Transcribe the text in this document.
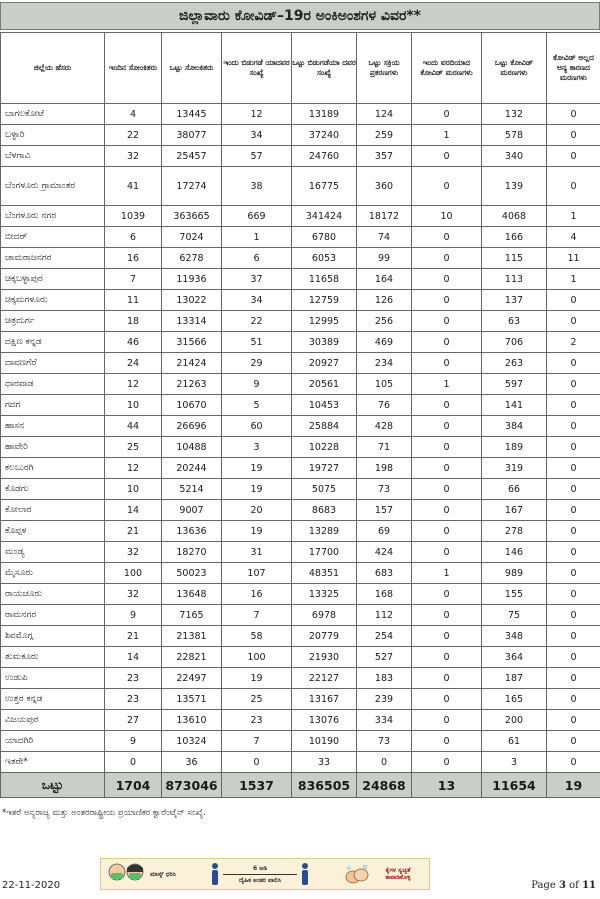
ಜಿಲ್ಲಾವಾರು ಕೋವಿಡ್–19ರ ಅಂಕಿಅಂಶಗಳ ವಿವರ**
ಜಿಲ್ಲೆಯ ಹೆಸರು	ಇಂದಿನ ಸೋಂಕಿತರು	ಒಟ್ಟು ಸೋಂಕಿತರು	ಇಂದು ಬಿಡುಗಡೆ ಯಾದವರ ಸಂಖ್ಯೆ	ಒಟ್ಟು ಬಿಡುಗಡೆಯಾ ದವರ ಸಂಖ್ಯೆ	ಒಟ್ಟು ಸಕ್ರಿಯ ಪ್ರಕರಣಗಳು	ಇಂದು ವರದಿಯಾದ ಕೋವಿಡ್ ಮರಣಗಳು	ಒಟ್ಟು ಕೋವಿಡ್ ಮರಣಗಳು	ಕೋವಿಡ್ ಅಲ್ಲದ ಅನ್ಯ ಕಾರಣದ ಮರಣಗಳು
ಬಾಗಲಕೋಟೆ	4	13445	12	13189	124	0	132	0
ಬಳ್ಳಾರಿ	22	38077	34	37240	259	1	578	0
ಬೆಳಗಾವಿ	32	25457	57	24760	357	0	340	0
ಬೆಂಗಳೂರು ಗ್ರಾಮಾಂತರ	41	17274	38	16775	360	0	139	0
ಬೆಂಗಳೂರು ನಗರ	1039	363665	669	341424	18172	10	4068	1
ಬೀದರ್	6	7024	1	6780	74	0	166	4
ಚಾಮರಾಜನಗರ	16	6278	6	6053	99	0	115	11
ಚಿಕ್ಕಬಳ್ಳಾಪುರ	7	11936	37	11658	164	0	113	1
ಚಿಕ್ಕಮಗಳೂರು	11	13022	34	12759	126	0	137	0
ಚಿತ್ರದುರ್ಗ	18	13314	22	12995	256	0	63	0
ದಕ್ಷಿಣ ಕನ್ನಡ	46	31566	51	30389	469	0	706	2
ದಾವಣಗೆರೆ	24	21424	29	20927	234	0	263	0
ಧಾರವಾಡ	12	21263	9	20561	105	1	597	0
ಗದಗ	10	10670	5	10453	76	0	141	0
ಹಾಸನ	44	26696	60	25884	428	0	384	0
ಹಾವೇರಿ	25	10488	3	10228	71	0	189	0
ಕಲಬುರಗಿ	12	20244	19	19727	198	0	319	0
ಕೊಡಗು	10	5214	19	5075	73	0	66	0
ಕೋಲಾರ	14	9007	20	8683	157	0	167	0
ಕೊಪ್ಪಳ	21	13636	19	13289	69	0	278	0
ಮಂಡ್ಯ	32	18270	31	17700	424	0	146	0
ಮೈಸೂರು	100	50023	107	48351	683	1	989	0
ರಾಯಚೂರು	32	13648	16	13325	168	0	155	0
ರಾಮನಗರ	9	7165	7	6978	112	0	75	0
ಶಿವಮೊಗ್ಗ	21	21381	58	20779	254	0	348	0
ತುಮಕೂರು	14	22821	100	21930	527	0	364	0
ಉಡುಪಿ	23	22497	19	22127	183	0	187	0
ಉತ್ತರ ಕನ್ನಡ	23	13571	25	13167	239	0	165	0
ವಿಜಯಪುರ	27	13610	23	13076	334	0	200	0
ಯಾದಗಿರಿ	9	10324	7	10190	73	0	61	0
ಇತರೇ*	0	36	0	33	0	0	3	0
ಒಟ್ಟು	1704	873046	1537	836505	24868	13	11654	19
*ಇತರೆ ಅನ್ಯರಾಜ್ಯ ಮತ್ತು ಅಂತರರಾಷ್ಟ್ರೀಯ ಪ್ರಯಾಣಿಕರ ಕ್ವಾರೆಂಟೈನ್ ಸಂಖ್ಯೆ.
22-11-2020
ಮಾಸ್ಕ್ ಧರಿಸಿ
6 ಅಡಿ
ದೈಹಿಕ ಅಂತರ ಪಾಲಿಸಿ
ಕೈಗಳ ಸ್ವಚ್ಛತೆ ಕಾಪಾಡಿಕೊಳ್ಳಿ
Page 3 of 11
